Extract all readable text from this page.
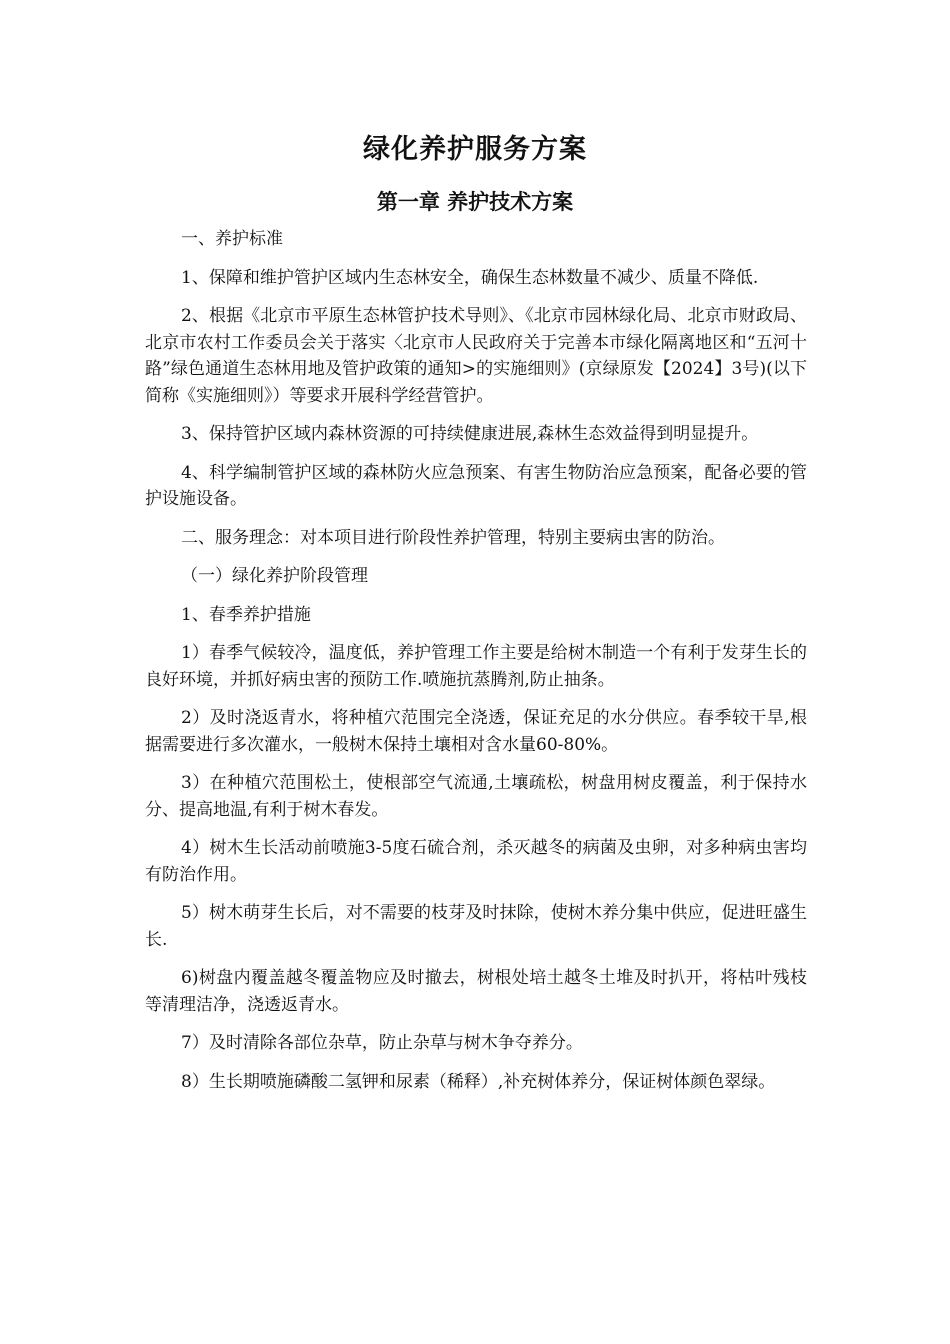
绿化养护服务方案
第一章 养护技术方案

一、养护标准

1、保障和维护管护区域内生态林安全，确保生态林数量不减少、质量不降低.

2、根据《北京市平原生态林管护技术导则》、《北京市园林绿化局、北京市财政局、北京市农村工作委员会关于落实〈北京市人民政府关于完善本市绿化隔离地区和“五河十路”绿色通道生态林用地及管护政策的通知>的实施细则》(京绿原发【2024】3号)(以下简称《实施细则》）等要求开展科学经营管护。

3、保持管护区域内森林资源的可持续健康进展,森林生态效益得到明显提升。

4、科学编制管护区域的森林防火应急预案、有害生物防治应急预案，配备必要的管护设施设备。

二、服务理念：对本项目进行阶段性养护管理，特别主要病虫害的防治。

（一）绿化养护阶段管理

1、春季养护措施

1）春季气候较冷，温度低，养护管理工作主要是给树木制造一个有利于发芽生长的良好环境，并抓好病虫害的预防工作.喷施抗蒸腾剂,防止抽条。

2）及时浇返青水，将种植穴范围完全浇透，保证充足的水分供应。春季较干旱,根据需要进行多次灌水，一般树木保持土壤相对含水量60-80%。

3）在种植穴范围松土，使根部空气流通,土壤疏松，树盘用树皮覆盖，利于保持水分、提高地温,有利于树木春发。

4）树木生长活动前喷施3-5度石硫合剂，杀灭越冬的病菌及虫卵，对多种病虫害均有防治作用。

5）树木萌芽生长后，对不需要的枝芽及时抹除，使树木养分集中供应，促进旺盛生长.

6)树盘内覆盖越冬覆盖物应及时撤去，树根处培土越冬土堆及时扒开，将枯叶残枝等清理洁净，浇透返青水。

7）及时清除各部位杂草，防止杂草与树木争夺养分。

8）生长期喷施磷酸二氢钾和尿素（稀释）,补充树体养分，保证树体颜色翠绿。
